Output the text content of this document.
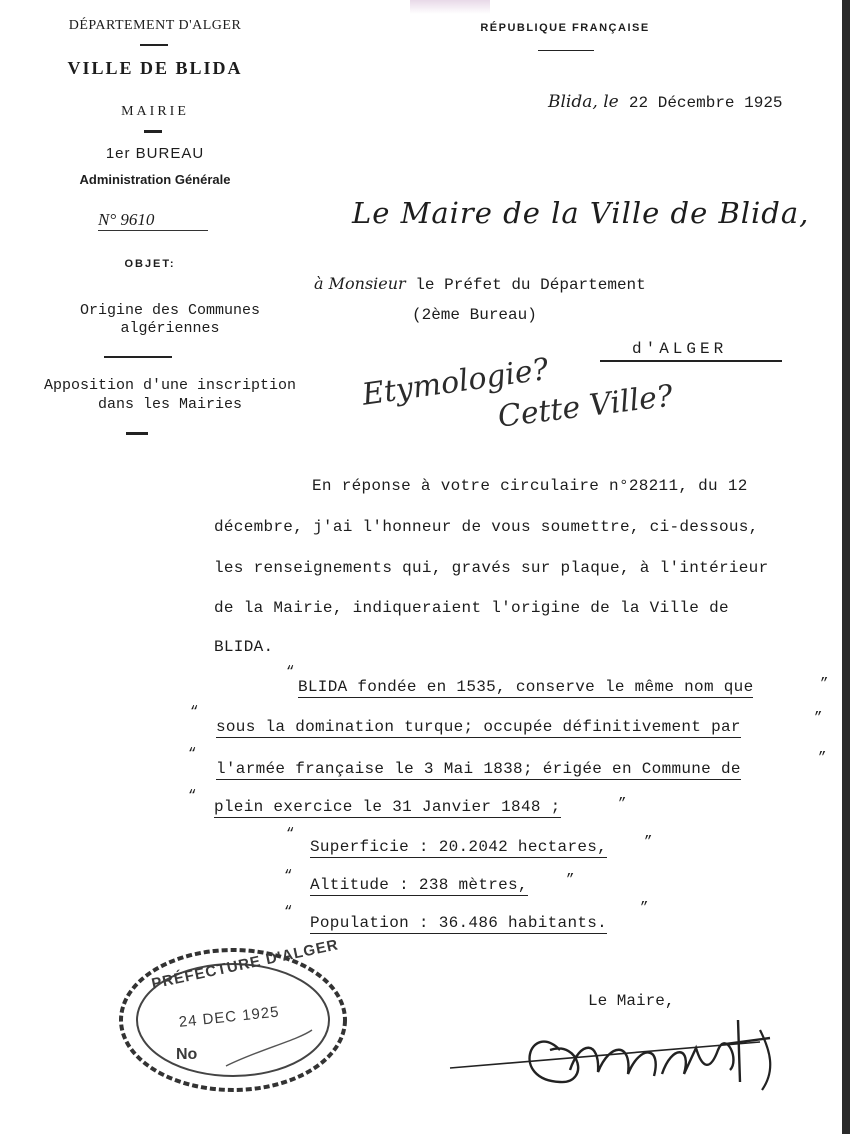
DÉPARTEMENT D'ALGER
VILLE DE BLIDA
MAIRIE
1er BUREAU
Administration Générale
N° 9610
OBJET:
Origine des Communes
algériennes
Apposition d'une inscription
dans les Mairies
RÉPUBLIQUE FRANÇAISE
Blida, le 22 Décembre 1925
Le Maire de la Ville de Blida,
à Monsieur le Préfet du Département
(2ème Bureau)
d'ALGER
Etymologie?
Cette Ville?
En réponse à votre circulaire n°28211, du 12
décembre, j'ai l'honneur de vous soumettre, ci-dessous,
les renseignements qui, gravés sur plaque, à l'intérieur
de la Mairie, indiqueraient l'origine de la Ville de
BLIDA.
“
BLIDA fondée en 1535, conserve le même nom que	”
“
sous la domination turque; occupée définitivement par	”
“
l'armée française le 3 Mai 1838; érigée en Commune de
”
“
plein exercice le 31 Janvier 1848 ;	”
“
Superficie : 20.2042 hectares,	”
“ Altitude : 238 mètres,	”
“
Population : 36.486 habitants.
”
Le Maire,
PRÉFECTURE D'ALGER
24 DEC 1925
No
